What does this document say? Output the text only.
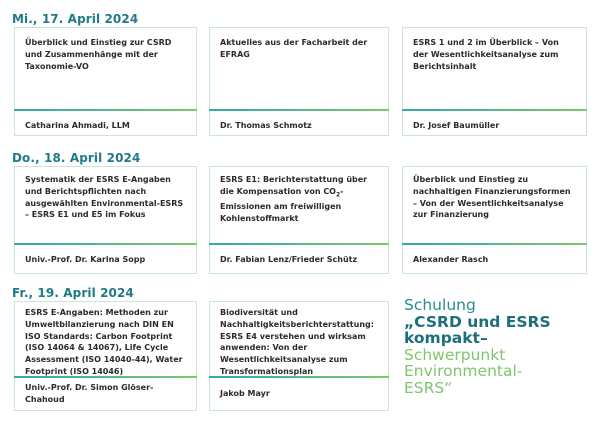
Mi., 17. April 2024
Überblick und Einstieg zur CSRD und Zusammenhänge mit der Taxonomie-VO
Catharina Ahmadi, LLM
Aktuelles aus der Facharbeit der EFRAG
Dr. Thomas Schmotz
ESRS 1 und 2 im Überblick – Von der Wesentlichkeitsanalyse zum Berichtsinhalt
Dr. Josef Baumüller
Do., 18. April 2024
Systematik der ESRS E-Angaben und Berichtspflichten nach ausgewählten Environmental-ESRS – ESRS E1 und E5 im Fokus
Univ.-Prof. Dr. Karina Sopp
ESRS E1: Berichterstattung über die Kompensation von $CO_2$-Emissionen am freiwilligen Kohlenstoffmarkt
Dr. Fabian Lenz/Frieder Schütz
Überblick und Einstieg zu nachhaltigen Finanzierungsformen – Von der Wesentlichkeitsanalyse zur Finanzierung
Alexander Rasch
Fr., 19. April 2024
ESRS E-Angaben: Methoden zur Umweltbilanzierung nach DIN EN ISO Standards: Carbon Footprint (ISO 14064 & 14067), Life Cycle Assessment (ISO 14040-44), Water Footprint (ISO 14046)
Univ.-Prof. Dr. Simon Glöser-Chahoud
Biodiversität und Nachhaltigkeitsberichterstattung: ESRS E4 verstehen und wirksam anwenden: Von der Wesentlichkeitsanalyse zum Transformationsplan
Jakob Mayr
Schulung
„CSRD und ESRS
kompakt–
Schwerpunkt
Environmental-
ESRS“
